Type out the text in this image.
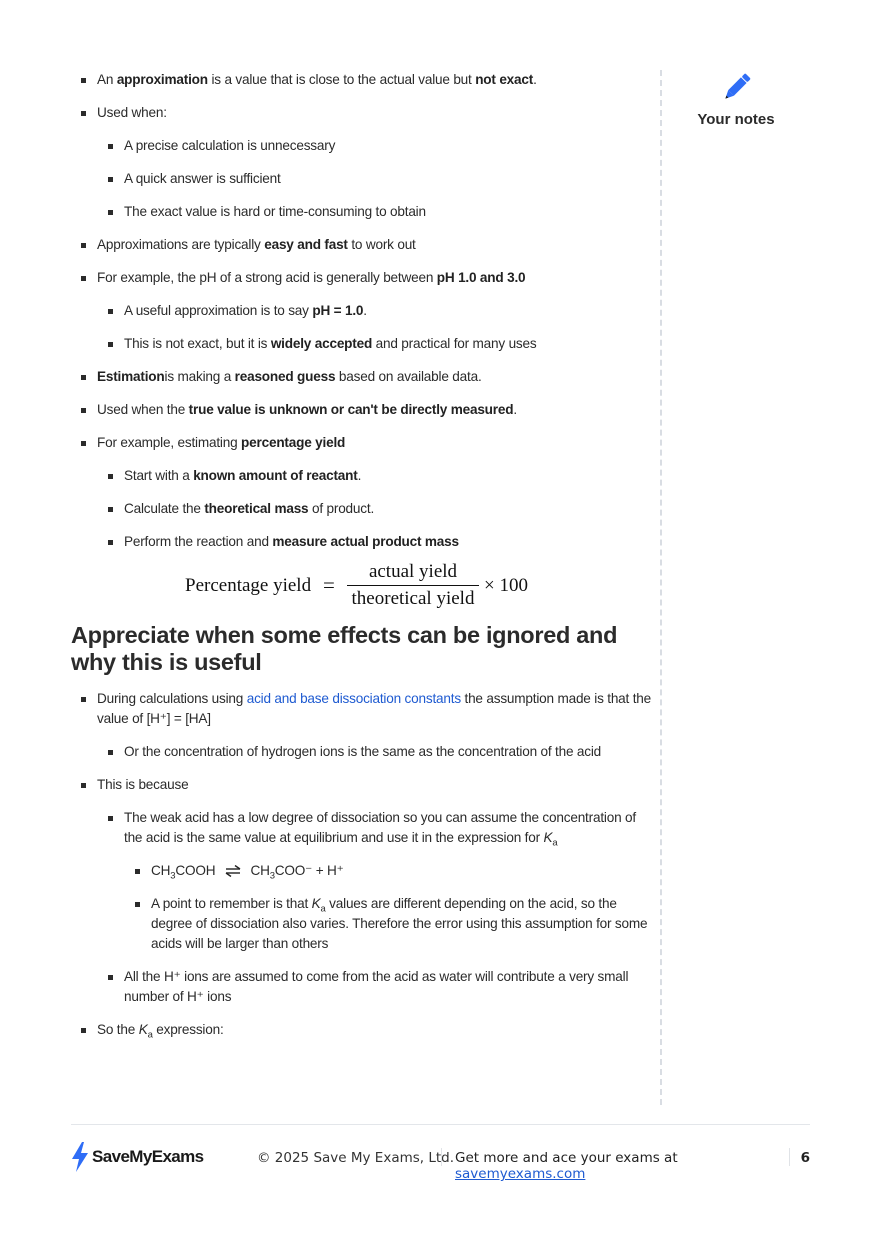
An approximation is a value that is close to the actual value but not exact.
Used when:
A precise calculation is unnecessary
A quick answer is sufficient
The exact value is hard or time-consuming to obtain
Approximations are typically easy and fast to work out
For example, the pH of a strong acid is generally between pH 1.0 and 3.0
A useful approximation is to say pH = 1.0.
This is not exact, but it is widely accepted and practical for many uses
Estimationis making a reasoned guess based on available data.
Used when the true value is unknown or can't be directly measured.
For example, estimating percentage yield
Start with a known amount of reactant.
Calculate the theoretical mass of product.
Perform the reaction and measure actual product mass
Percentage yield =
actual yield
theoretical yield
× 100
Appreciate when some effects can be ignored and why this is useful
During calculations using acid and base dissociation constants the assumption made is that the value of [H⁺] = [HA]
Or the concentration of hydrogen ions is the same as the concentration of the acid
This is because
The weak acid has a low degree of dissociation so you can assume the concentration of the acid is the same value at equilibrium and use it in the expression for $K_a$
$CH_3COOH$ ⇌ $CH_3COO^- + H^+$
A point to remember is that $K_a$ values are different depending on the acid, so the degree of dissociation also varies. Therefore the error using this assumption for some acids will be larger than others
All the H⁺ ions are assumed to come from the acid as water will contribute a very small number of H⁺ ions
So the $K_a$ expression:
Your notes
SaveMyExams	© 2025 Save My Exams, Ltd. Get more and ace your exams at savemyexams.com
6
